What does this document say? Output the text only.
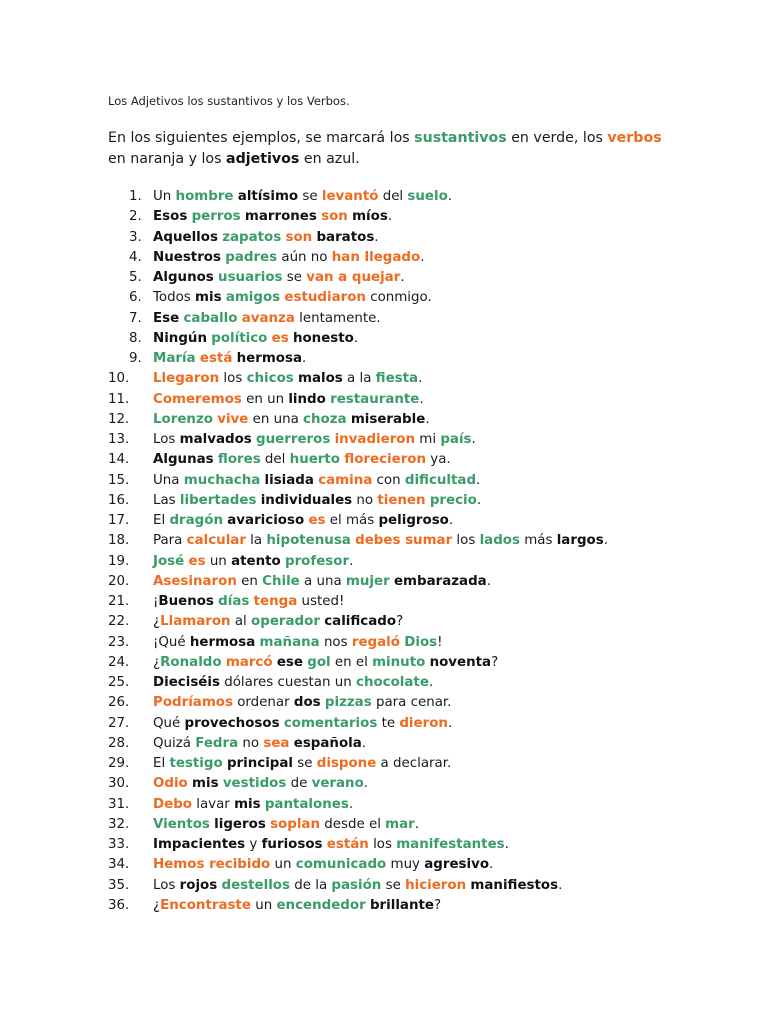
Los Adjetivos los sustantivos y los Verbos.
En los siguientes ejemplos, se marcará los sustantivos en verde, los verbos en naranja y los adjetivos en azul.
1. Un hombre altísimo se levantó del suelo.
2. Esos perros marrones son míos.
3. Aquellos zapatos son baratos.
4. Nuestros padres aún no han llegado.
5. Algunos usuarios se van a quejar.
6. Todos mis amigos estudiaron conmigo.
7. Ese caballo avanza lentamente.
8. Ningún político es honesto.
9. María está hermosa.
10. Llegaron los chicos malos a la fiesta.
11. Comeremos en un lindo restaurante.
12. Lorenzo vive en una choza miserable.
13. Los malvados guerreros invadieron mi país.
14. Algunas flores del huerto florecieron ya.
15. Una muchacha lisiada camina con dificultad.
16. Las libertades individuales no tienen precio.
17. El dragón avaricioso es el más peligroso.
18. Para calcular la hipotenusa debes sumar los lados más largos.
19. José es un atento profesor.
20. Asesinaron en Chile a una mujer embarazada.
21. ¡Buenos días tenga usted!
22. ¿Llamaron al operador calificado?
23. ¡Qué hermosa mañana nos regaló Dios!
24. ¿Ronaldo marcó ese gol en el minuto noventa?
25. Dieciséis dólares cuestan un chocolate.
26. Podríamos ordenar dos pizzas para cenar.
27. Qué provechosos comentarios te dieron.
28. Quizá Fedra no sea española.
29. El testigo principal se dispone a declarar.
30. Odio mis vestidos de verano.
31. Debo lavar mis pantalones.
32. Vientos ligeros soplan desde el mar.
33. Impacientes y furiosos están los manifestantes.
34. Hemos recibido un comunicado muy agresivo.
35. Los rojos destellos de la pasión se hicieron manifiestos.
36. ¿Encontraste un encendedor brillante?
